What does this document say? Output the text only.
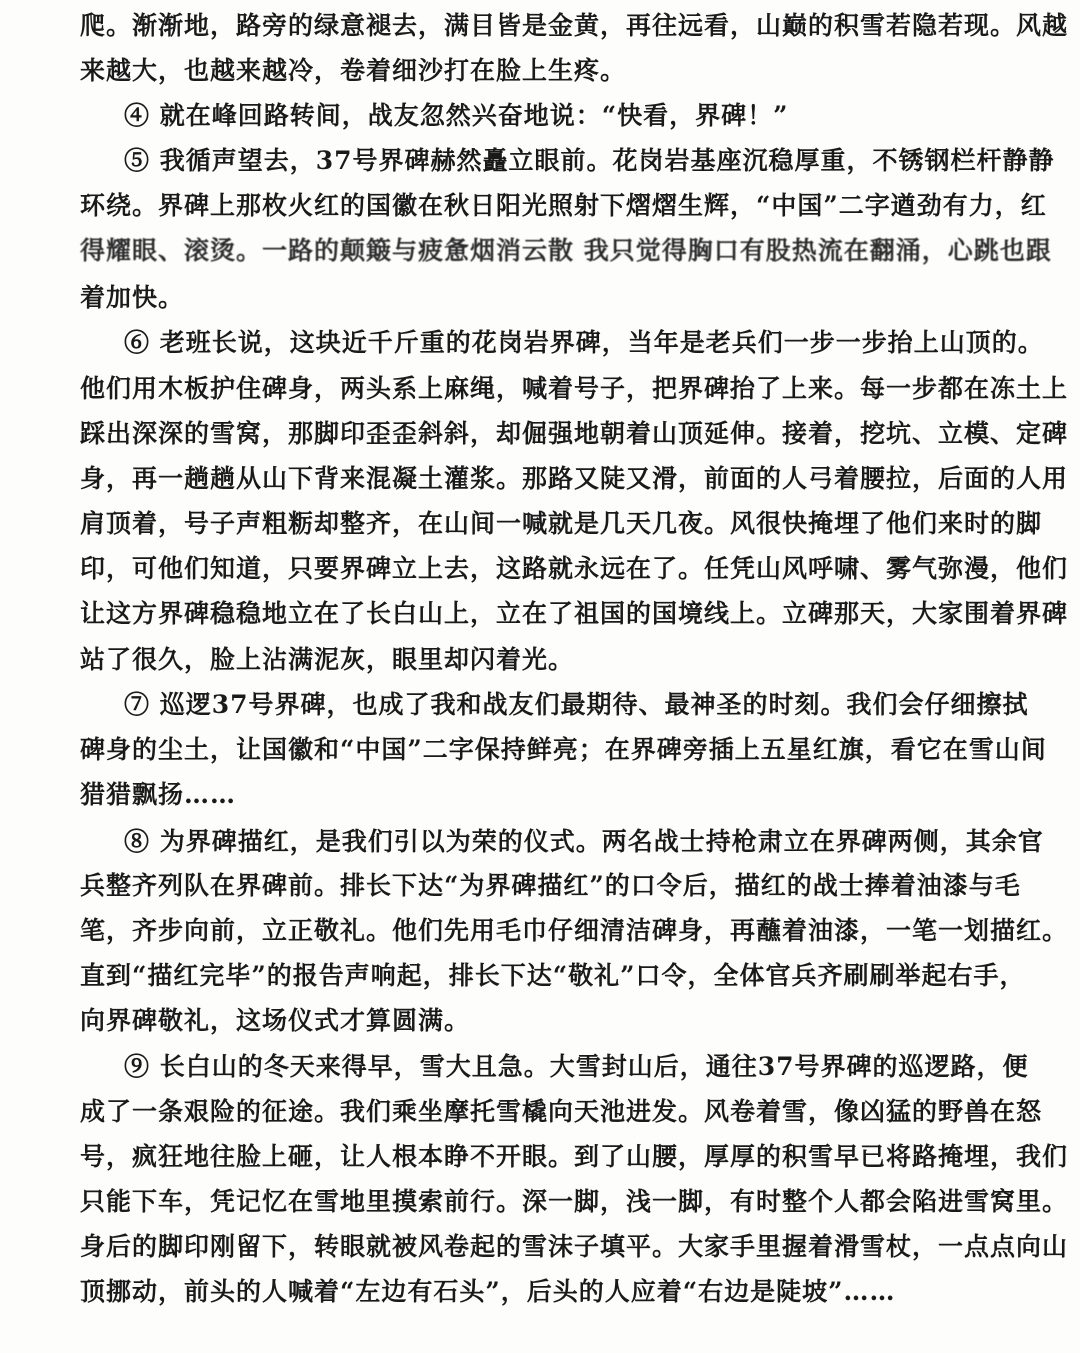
爬。渐渐地，路旁的绿意褪去，满目皆是金黄，再往远看，山巅的积雪若隐若现。风越
来越大，也越来越冷，卷着细沙打在脸上生疼。
④ 就在峰回路转间，战友忽然兴奋地说：“快看，界碑！”
⑤ 我循声望去，37号界碑赫然矗立眼前。花岗岩基座沉稳厚重，不锈钢栏杆静静
环绕。界碑上那枚火红的国徽在秋日阳光照射下熠熠生辉，“中国”二字遒劲有力，红
得耀眼、滚烫。一路的颠簸与疲惫烟消云散 我只觉得胸口有股热流在翻涌，心跳也跟
着加快。
⑥ 老班长说，这块近千斤重的花岗岩界碑，当年是老兵们一步一步抬上山顶的。
他们用木板护住碑身，两头系上麻绳，喊着号子，把界碑抬了上来。每一步都在冻土上
踩出深深的雪窝，那脚印歪歪斜斜，却倔强地朝着山顶延伸。接着，挖坑、立模、定碑
身，再一趟趟从山下背来混凝土灌浆。那路又陡又滑，前面的人弓着腰拉，后面的人用
肩顶着，号子声粗粝却整齐，在山间一喊就是几天几夜。风很快掩埋了他们来时的脚
印，可他们知道，只要界碑立上去，这路就永远在了。任凭山风呼啸、雾气弥漫，他们
让这方界碑稳稳地立在了长白山上，立在了祖国的国境线上。立碑那天，大家围着界碑
站了很久，脸上沾满泥灰，眼里却闪着光。
⑦ 巡逻37号界碑，也成了我和战友们最期待、最神圣的时刻。我们会仔细擦拭
碑身的尘土，让国徽和“中国”二字保持鲜亮；在界碑旁插上五星红旗，看它在雪山间
猎猎飘扬……
⑧ 为界碑描红，是我们引以为荣的仪式。两名战士持枪肃立在界碑两侧，其余官
兵整齐列队在界碑前。排长下达“为界碑描红”的口令后，描红的战士捧着油漆与毛
笔，齐步向前，立正敬礼。他们先用毛巾仔细清洁碑身，再蘸着油漆，一笔一划描红。
直到“描红完毕”的报告声响起，排长下达“敬礼”口令，全体官兵齐刷刷举起右手，
向界碑敬礼，这场仪式才算圆满。
⑨ 长白山的冬天来得早，雪大且急。大雪封山后，通往37号界碑的巡逻路，便
成了一条艰险的征途。我们乘坐摩托雪橇向天池进发。风卷着雪，像凶猛的野兽在怒
号，疯狂地往脸上砸，让人根本睁不开眼。到了山腰，厚厚的积雪早已将路掩埋，我们
只能下车，凭记忆在雪地里摸索前行。深一脚，浅一脚，有时整个人都会陷进雪窝里。
身后的脚印刚留下，转眼就被风卷起的雪沫子填平。大家手里握着滑雪杖，一点点向山
顶挪动，前头的人喊着“左边有石头”，后头的人应着“右边是陡坡”……
